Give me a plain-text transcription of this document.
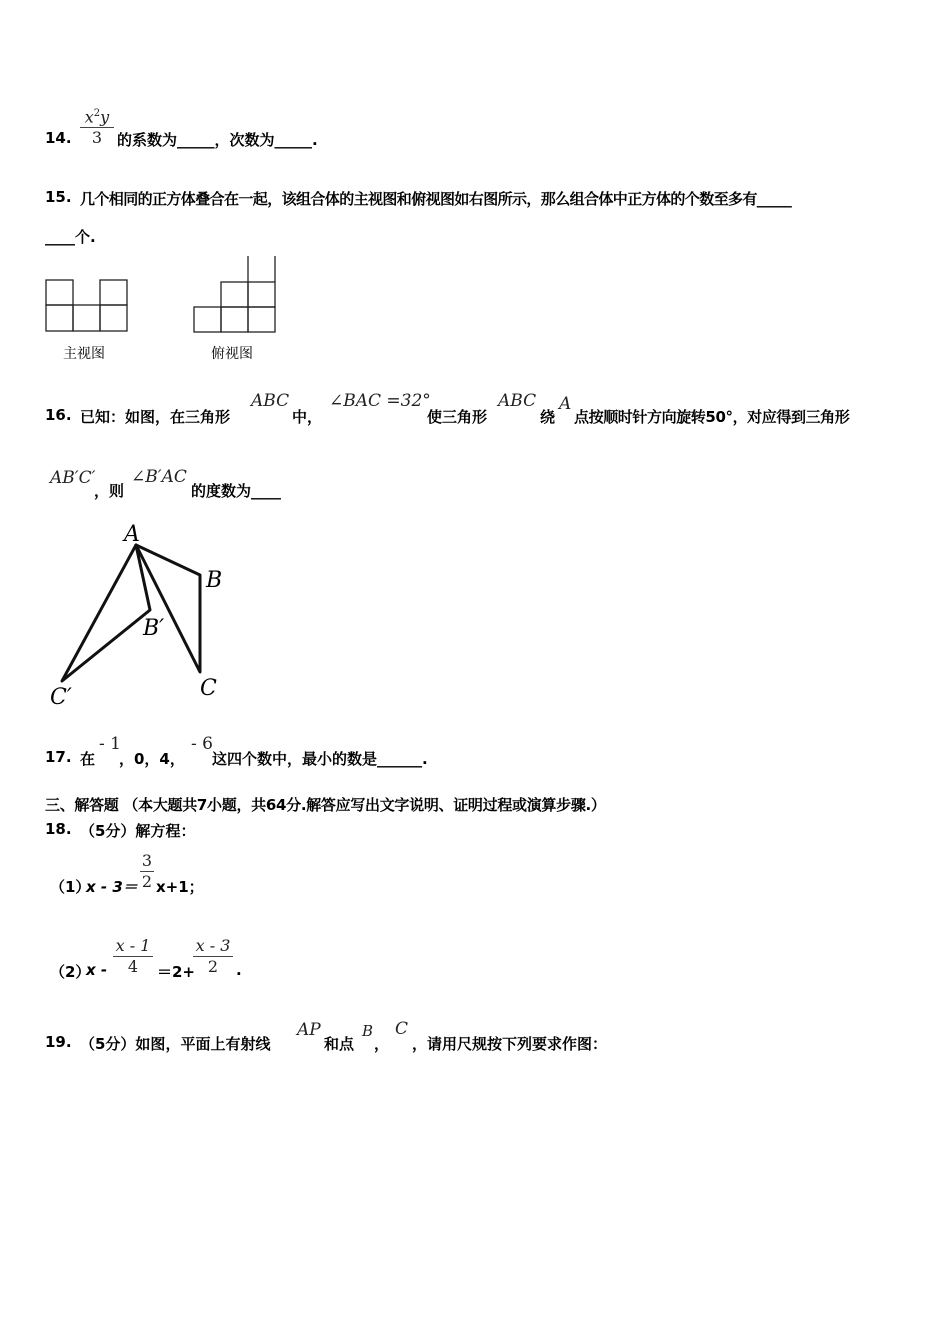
14.
$x^2y$
3 的系数为_____，次数为_____.
15. 几个相同的正方体叠合在一起，该组合体的主视图和俯视图如右图所示，那么组合体中正方体的个数至多有_____
____个.
主视图	俯视图
16. 已知：如图，在三角形
ABC
中，
∠BAC =32°
使三角形
ABC
绕
A
点按顺时针方向旋转50°，对应得到三角形
AB′C′
，则
∠B′AC
的度数为____
A
B
B′
C
C′
17. 在
- 1
，0，4，
- 6
这四个数中，最小的数是______.
三、解答题 （本大题共7小题，共64分.解答应写出文字说明、证明过程或演算步骤.）
18. （5分）解方程：
（1）
x - 3＝
3
2 x+1；
（2）
x -
x - 1
4	＝2+
x - 3
2	.
19. （5分）如图，平面上有射线
AP
和点
B
，
C
，请用尺规按下列要求作图：
